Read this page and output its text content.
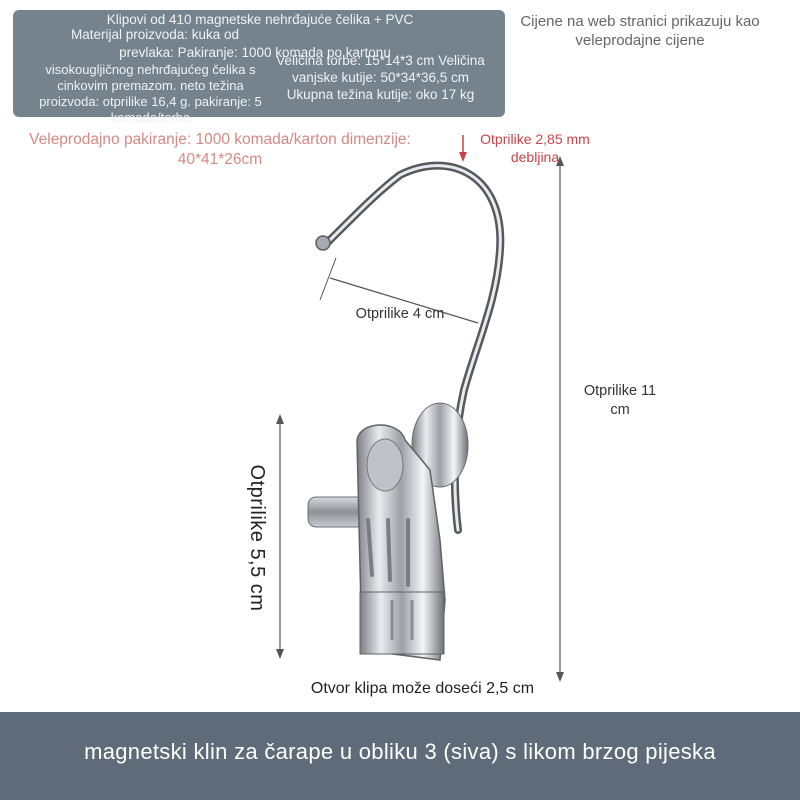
Klipovi od 410 magnetske nehrđajuće čelika + PVC
Materijal proizvoda: kuka od
prevlaka: Pakiranje: 1000 komada po kartonu
visokougljičnog nehrđajućeg čelika s cinkovim premazom. neto težina proizvoda: otprilike 16,4 g. pakiranje: 5 komada/torba
Veličina torbe: 15*14*3 cm Veličina vanjske kutije: 50*34*36,5 cm Ukupna težina kutije: oko 17 kg
Cijene na web stranici prikazuju kao veleprodajne cijene
Veleprodajno pakiranje: 1000 komada/karton dimenzije: 40*41*26cm
Otprilike 2,85 mm debljina
Otprilike 4 cm
Otprilike 11 cm
Otprilike 5,5 cm
Otvor klipa može doseći 2,5 cm
magnetski klin za čarape u obliku 3 (siva) s likom brzog pijeska
